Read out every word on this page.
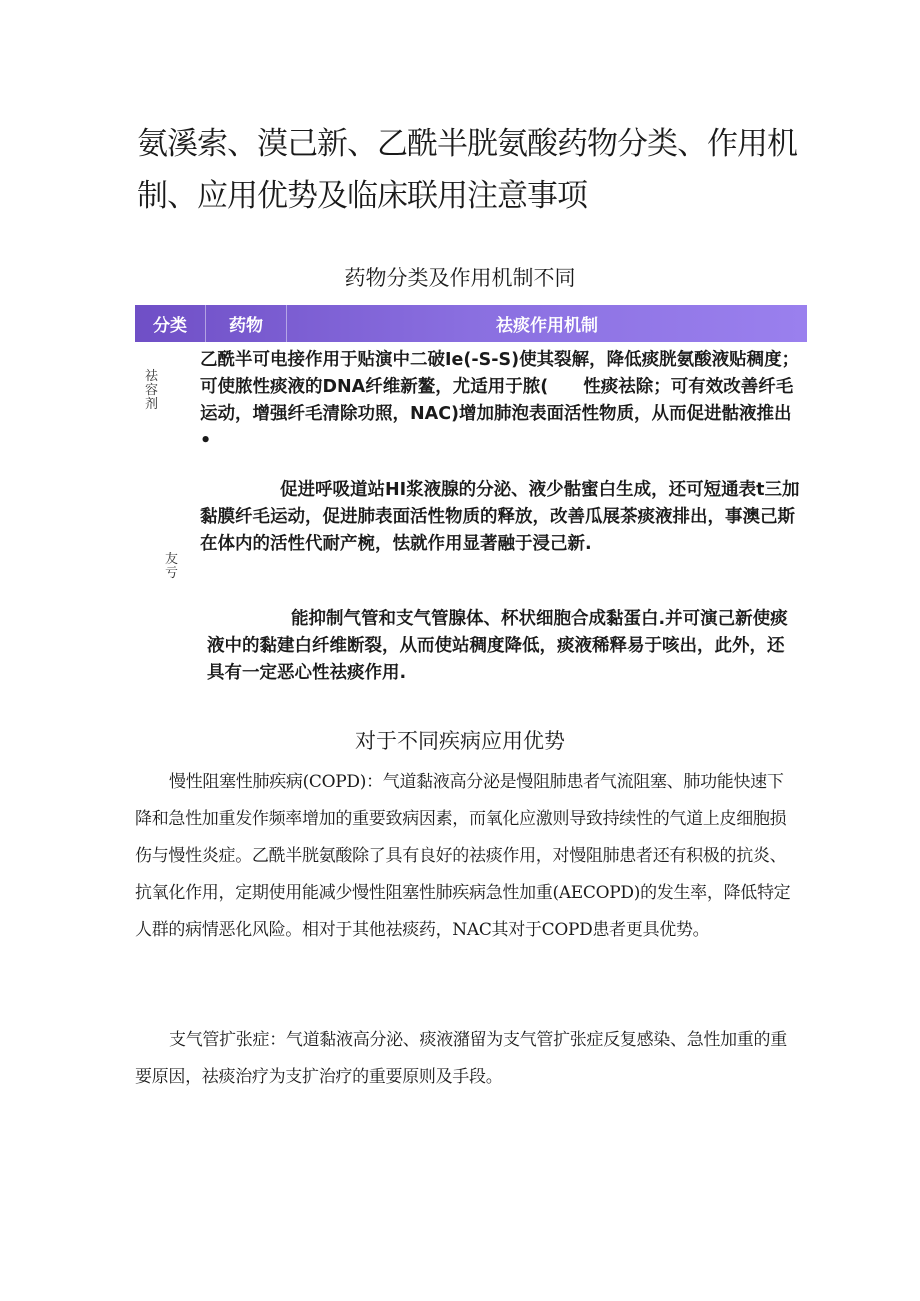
氨溪索、漠己新、乙酰半胱氨酸药物分类、作用机制、应用优势及临床联用注意事项
药物分类及作用机制不同
分类	药物	祛痰作用机制
祛容剂
友亏

乙酰半可电接作用于贴演中二破Ie(-S-S)使其裂解，降低痰胱氨酸液贴稠度；可使脓性痰液的DNA纤维新鳌，尤适用于脓(　　性痰祛除；可有效改善纤毛运动，增强纤毛清除功照，NAC)增加肺泡表面活性物质，从而促进骷液推出•

促进呼吸道站HI浆液腺的分泌、液少骷蜜白生成，还可短通表t三加黏膜纤毛运动，促进肺表面活性物质的释放，改善瓜展茶痰液排出，事澳己斯在体内的活性代耐产椀，怯就作用显著融于浸己新.

能抑制气管和支气管腺体、杯状细胞合成黏蛋白.并可演己新使痰液中的黏建白纤维断裂，从而使站稠度降低，痰液稀释易于咳出，此外，还具有一定恶心性祛痰作用.

对于不同疾病应用优势

慢性阻塞性肺疾病(COPD)：气道黏液高分泌是慢阻肺患者气流阻塞、肺功能快速下降和急性加重发作频率增加的重要致病因素，而氧化应激则导致持续性的气道上皮细胞损伤与慢性炎症。乙酰半胱氨酸除了具有良好的祛痰作用，对慢阻肺患者还有积极的抗炎、抗氧化作用，定期使用能减少慢性阻塞性肺疾病急性加重(AECOPD)的发生率，降低特定人群的病情恶化风险。相对于其他祛痰药，NAC其对于COPD患者更具优势。

支气管扩张症：气道黏液高分泌、痰液潴留为支气管扩张症反复感染、急性加重的重要原因，祛痰治疗为支扩治疗的重要原则及手段。
